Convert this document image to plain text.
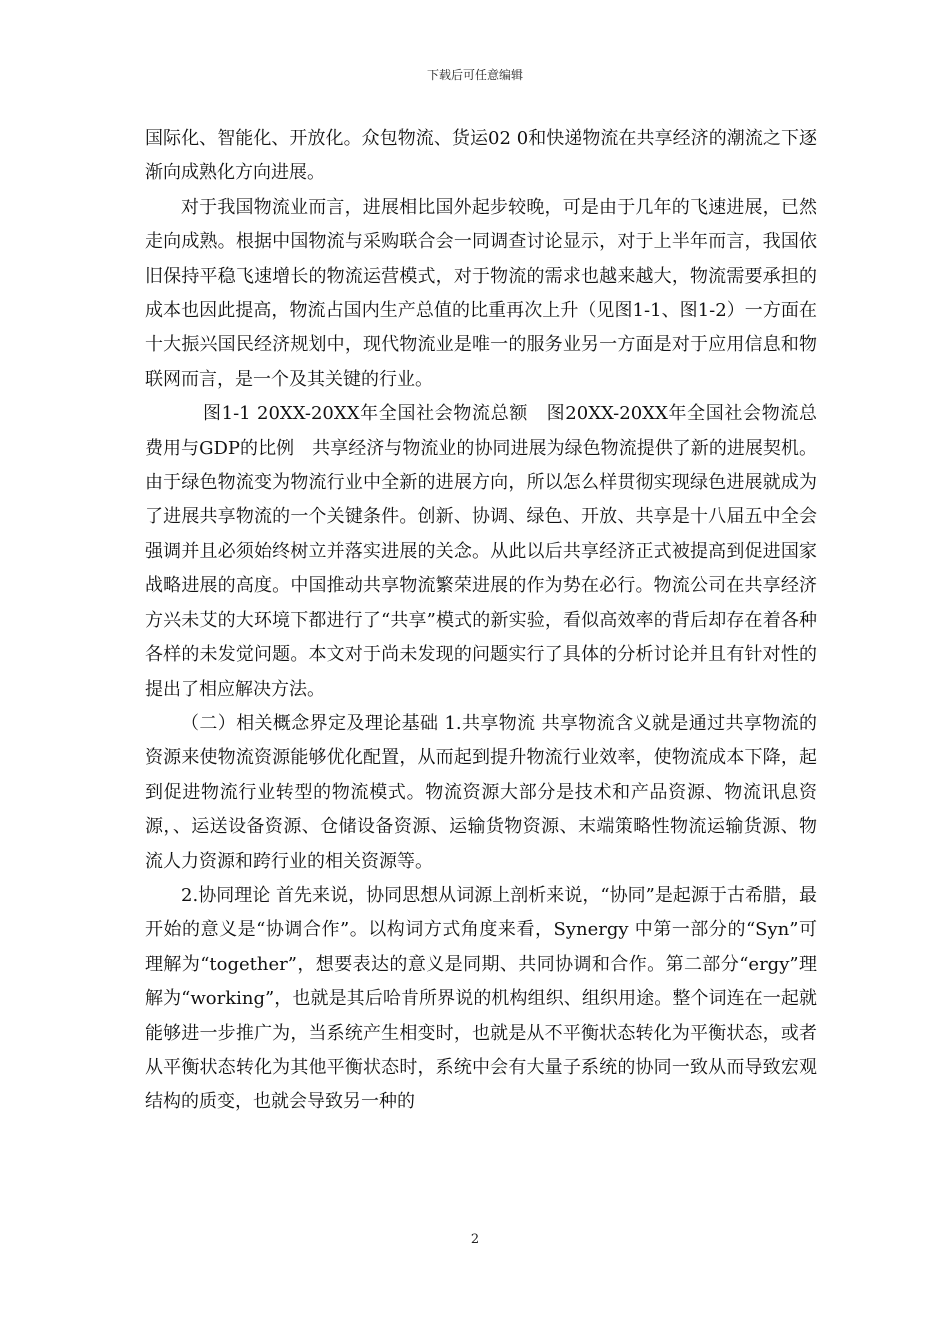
下载后可任意编辑

国际化、智能化、开放化。众包物流、货运02 0和快递物流在共享经济的潮流之下逐渐向成熟化方向进展。

对于我国物流业而言，进展相比国外起步较晚，可是由于几年的飞速进展，已然走向成熟。根据中国物流与采购联合会一同调查讨论显示，对于上半年而言，我国依旧保持平稳飞速增长的物流运营模式，对于物流的需求也越来越大，物流需要承担的成本也因此提高，物流占国内生产总值的比重再次上升（见图1-1、图1-2）一方面在十大振兴国民经济规划中，现代物流业是唯一的服务业另一方面是对于应用信息和物联网而言，是一个及其关键的行业。

图1-1 20XX-20XX年全国社会物流总额　图20XX-20XX年全国社会物流总费用与GDP的比例　共享经济与物流业的协同进展为绿色物流提供了新的进展契机。由于绿色物流变为物流行业中全新的进展方向，所以怎么样贯彻实现绿色进展就成为了进展共享物流的一个关键条件。创新、协调、绿色、开放、共享是十八届五中全会强调并且必须始终树立并落实进展的关念。从此以后共享经济正式被提高到促进国家战略进展的高度。中国推动共享物流繁荣进展的作为势在必行。物流公司在共享经济方兴未艾的大环境下都进行了“共享”模式的新实验，看似高效率的背后却存在着各种各样的未发觉问题。本文对于尚未发现的问题实行了具体的分析讨论并且有针对性的提出了相应解决方法。

（二）相关概念界定及理论基础 1.共享物流 共享物流含义就是通过共享物流的资源来使物流资源能够优化配置，从而起到提升物流行业效率，使物流成本下降，起到促进物流行业转型的物流模式。物流资源大部分是技术和产品资源、物流讯息资源，、运送设备资源、仓储设备资源、运输货物资源、末端策略性物流运输货源、物流人力资源和跨行业的相关资源等。

2.协同理论 首先来说，协同思想从词源上剖析来说，“协同”是起源于古希腊，最开始的意义是“协调合作”。以构词方式角度来看，Synergy 中第一部分的“Syn”可理解为“together”，想要表达的意义是同期、共同协调和合作。第二部分“ergy”理解为“working”，也就是其后哈肯所界说的机构组织、组织用途。整个词连在一起就能够进一步推广为，当系统产生相变时，也就是从不平衡状态转化为平衡状态，或者从平衡状态转化为其他平衡状态时，系统中会有大量子系统的协同一致从而导致宏观结构的质变，也就会导致另一种的

2
